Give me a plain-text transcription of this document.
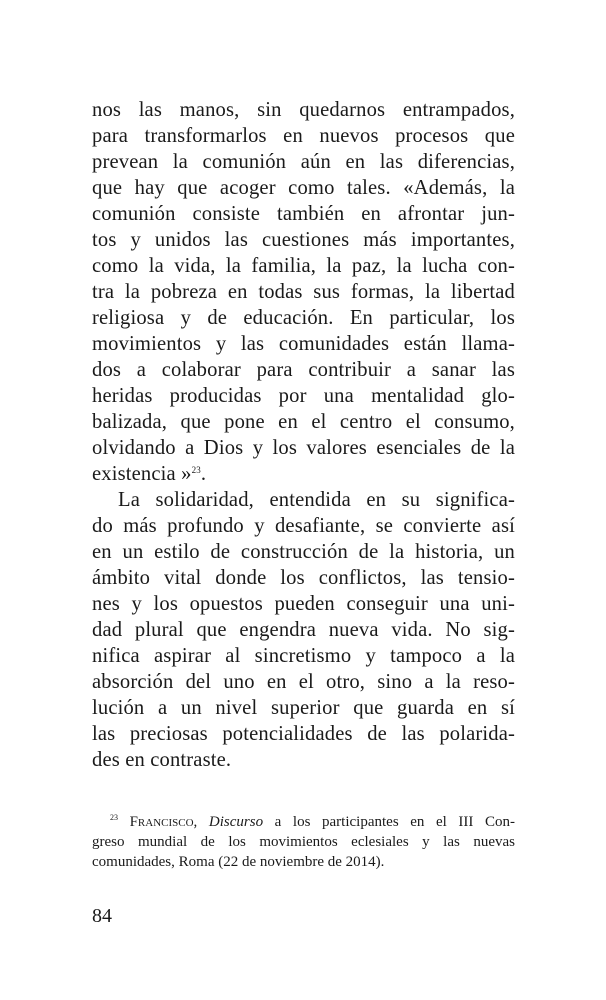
nos las manos, sin quedarnos entrampados,
para transformarlos en nuevos procesos que
prevean la comunión aún en las diferencias,
que hay que acoger como tales. «Además, la
comunión consiste también en afrontar jun-
tos y unidos las cuestiones más importantes,
como la vida, la familia, la paz, la lucha con-
tra la pobreza en todas sus formas, la libertad
religiosa y de educación. En particular, los
movimientos y las comunidades están llama-
dos a colaborar para contribuir a sanar las
heridas producidas por una mentalidad glo-
balizada, que pone en el centro el consumo,
olvidando a Dios y los valores esenciales de la
existencia »$^{23}$.
La solidaridad, entendida en su significa-
do más profundo y desafiante, se convierte así
en un estilo de construcción de la historia, un
ámbito vital donde los conflictos, las tensio-
nes y los opuestos pueden conseguir una uni-
dad plural que engendra nueva vida. No sig-
nifica aspirar al sincretismo y tampoco a la
absorción del uno en el otro, sino a la reso-
lución a un nivel superior que guarda en sí
las preciosas potencialidades de las polarida-
des en contraste.
$^{23}$ Francisco, Discurso a los participantes en el III Con-
greso mundial de los movimientos eclesiales y las nuevas
comunidades, Roma (22 de noviembre de 2014).
84
